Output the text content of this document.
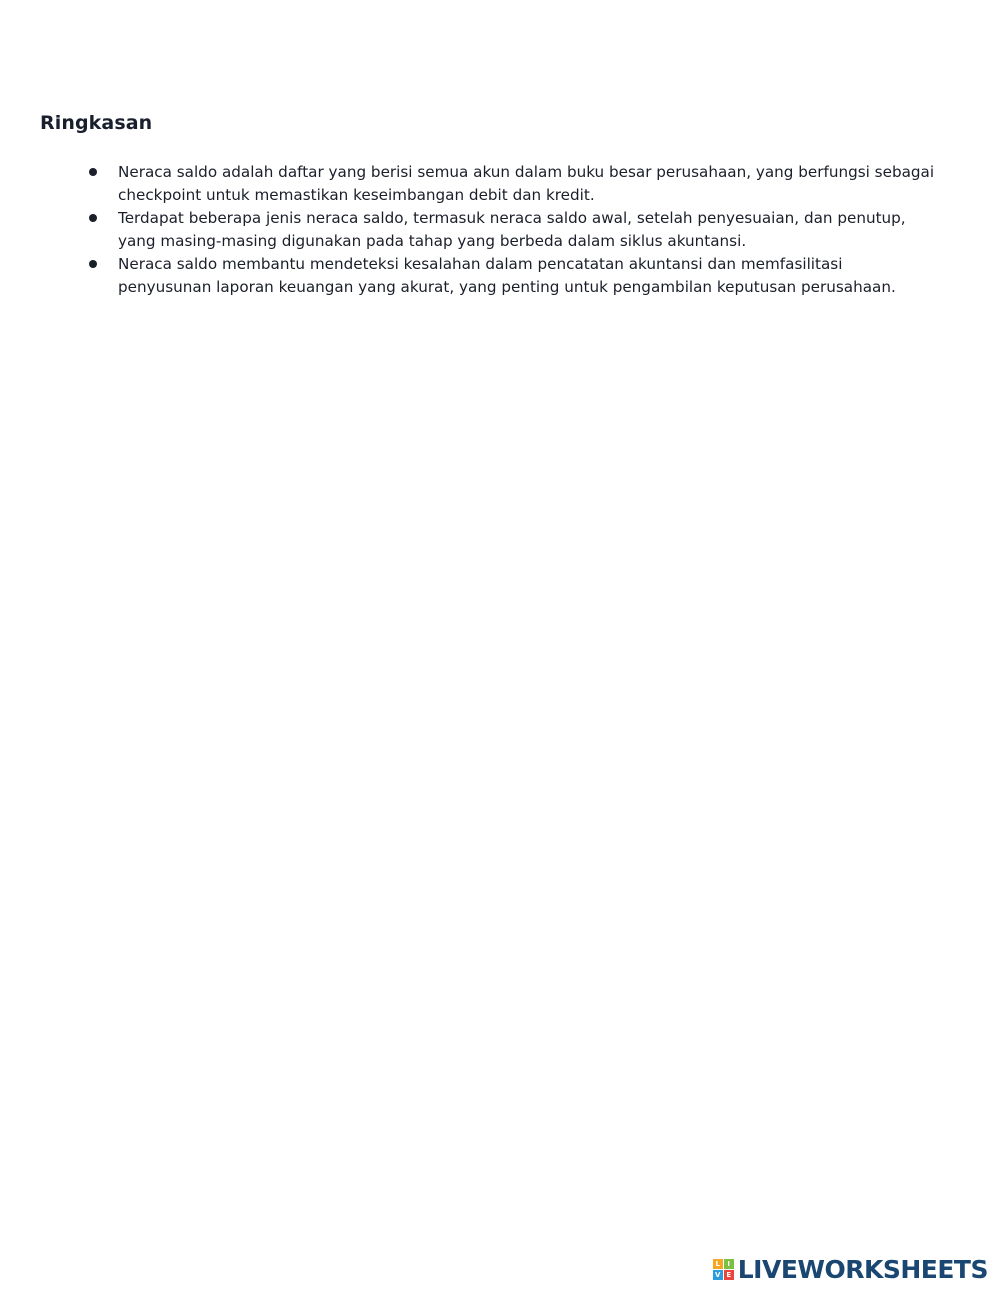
Ringkasan
Neraca saldo adalah daftar yang berisi semua akun dalam buku besar perusahaan, yang berfungsi sebagai checkpoint untuk memastikan keseimbangan debit dan kredit.
Terdapat beberapa jenis neraca saldo, termasuk neraca saldo awal, setelah penyesuaian, dan penutup, yang masing-masing digunakan pada tahap yang berbeda dalam siklus akuntansi.
Neraca saldo membantu mendeteksi kesalahan dalam pencatatan akuntansi dan memfasilitasi penyusunan laporan keuangan yang akurat, yang penting untuk pengambilan keputusan perusahaan.
L	I
V E LIVEWORKSHEETS
